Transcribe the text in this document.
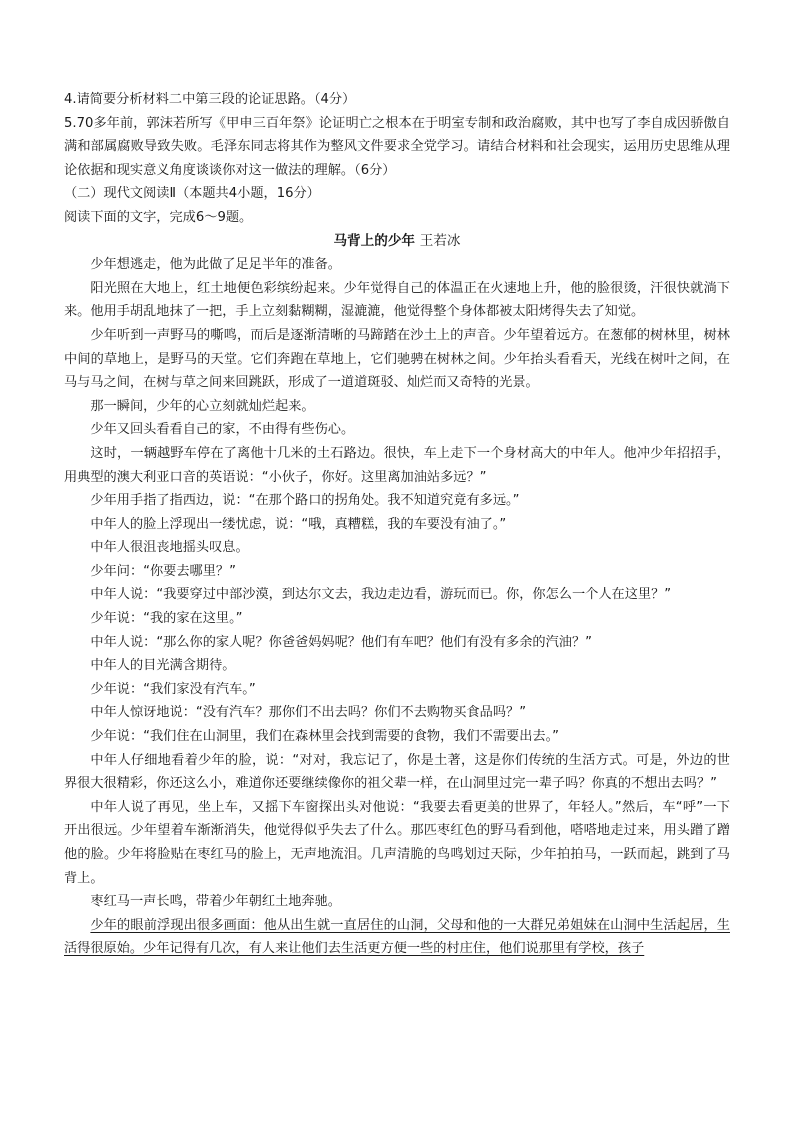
4.请简要分析材料二中第三段的论证思路。（4分）

5.70多年前，郭沫若所写《甲申三百年祭》论证明亡之根本在于明室专制和政治腐败，其中也写了李自成因骄傲自满和部属腐败导致失败。毛泽东同志将其作为整风文件要求全党学习。请结合材料和社会现实，运用历史思维从理论依据和现实意义角度谈谈你对这一做法的理解。（6分）

（二）现代文阅读Ⅱ（本题共4小题，16分）

阅读下面的文字，完成6～9题。

马背上的少年 王若冰

少年想逃走，他为此做了足足半年的准备。

阳光照在大地上，红土地便色彩缤纷起来。少年觉得自己的体温正在火速地上升，他的脸很烫，汗很快就淌下来。他用手胡乱地抹了一把，手上立刻黏糊糊，湿漉漉，他觉得整个身体都被太阳烤得失去了知觉。

少年听到一声野马的嘶鸣，而后是逐渐清晰的马蹄踏在沙土上的声音。少年望着远方。在葱郁的树林里，树林中间的草地上，是野马的天堂。它们奔跑在草地上，它们驰骋在树林之间。少年抬头看看天，光线在树叶之间，在马与马之间，在树与草之间来回跳跃，形成了一道道斑驳、灿烂而又奇特的光景。

那一瞬间，少年的心立刻就灿烂起来。

少年又回头看看自己的家，不由得有些伤心。

这时，一辆越野车停在了离他十几米的土石路边。很快，车上走下一个身材高大的中年人。他冲少年招招手，用典型的澳大利亚口音的英语说：“小伙子，你好。这里离加油站多远？”

少年用手指了指西边，说：“在那个路口的拐角处。我不知道究竟有多远。”

中年人的脸上浮现出一缕忧虑，说：“哦，真糟糕，我的车要没有油了。”

中年人很沮丧地摇头叹息。

少年问：“你要去哪里？”

中年人说：“我要穿过中部沙漠，到达尔文去，我边走边看，游玩而已。你，你怎么一个人在这里？”

少年说：“我的家在这里。”

中年人说：“那么你的家人呢？你爸爸妈妈呢？他们有车吧？他们有没有多余的汽油？”

中年人的目光满含期待。

少年说：“我们家没有汽车。”

中年人惊讶地说：“没有汽车？那你们不出去吗？你们不去购物买食品吗？”

少年说：“我们住在山洞里，我们在森林里会找到需要的食物，我们不需要出去。”

中年人仔细地看着少年的脸，说：“对对，我忘记了，你是土著，这是你们传统的生活方式。可是，外边的世界很大很精彩，你还这么小，难道你还要继续像你的祖父辈一样，在山洞里过完一辈子吗？你真的不想出去吗？”

中年人说了再见，坐上车，又摇下车窗探出头对他说：“我要去看更美的世界了，年轻人。”然后，车“呼”一下开出很远。少年望着车渐渐消失，他觉得似乎失去了什么。那匹枣红色的野马看到他，嗒嗒地走过来，用头蹭了蹭他的脸。少年将脸贴在枣红马的脸上，无声地流泪。几声清脆的鸟鸣划过天际，少年拍拍马，一跃而起，跳到了马背上。

枣红马一声长鸣，带着少年朝红土地奔驰。

少年的眼前浮现出很多画面：他从出生就一直居住的山洞，父母和他的一大群兄弟姐妹在山洞中生活起居，生活得很原始。少年记得有几次，有人来让他们去生活更方便一些的村庄住，他们说那里有学校，孩子
